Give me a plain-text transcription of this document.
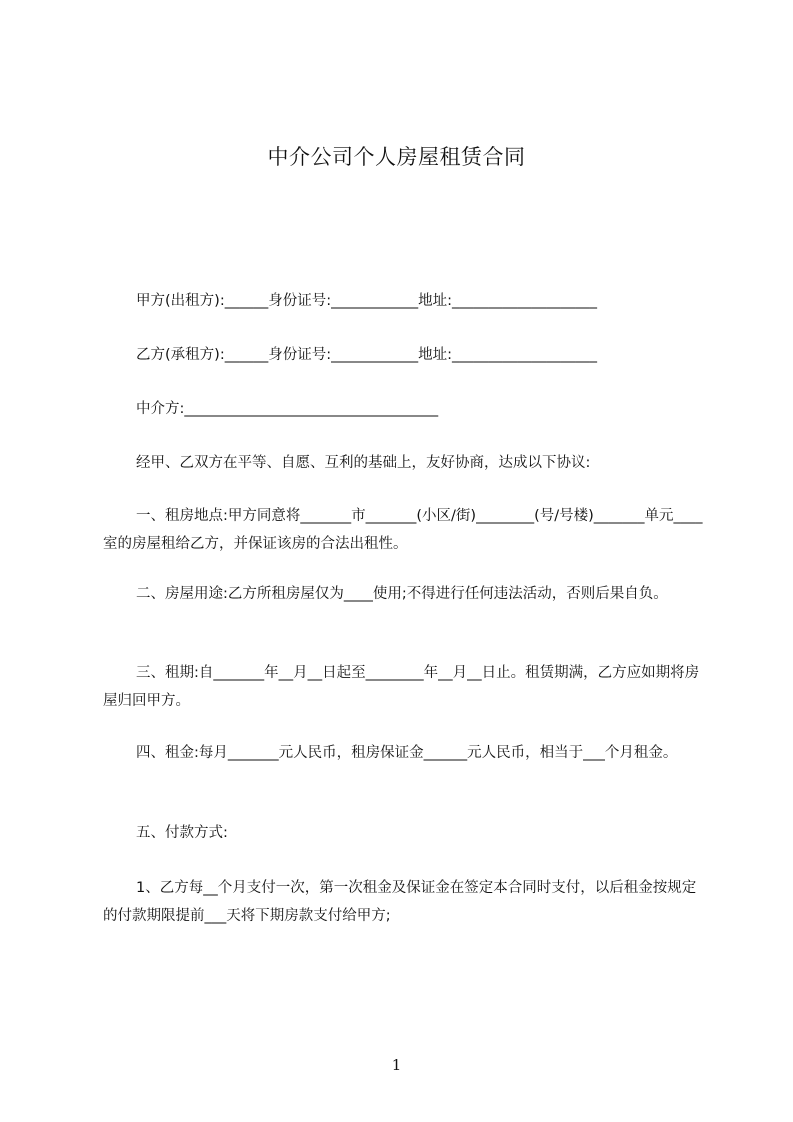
中介公司个人房屋租赁合同

甲方(出租方):______身份证号:____________地址:____________________

乙方(承租方):______身份证号:____________地址:____________________

中介方:___________________________________

经甲、乙双方在平等、自愿、互利的基础上，友好协商，达成以下协议:

一、租房地点:甲方同意将_______市_______(小区/街)________(号/号楼)_______单元____室的房屋租给乙方，并保证该房的合法出租性。

二、房屋用途:乙方所租房屋仅为____使用;不得进行任何违法活动，否则后果自负。

三、租期:自_______年__月__日起至________年__月__日止。租赁期满，乙方应如期将房屋归回甲方。

四、租金:每月_______元人民币，租房保证金______元人民币，相当于___个月租金。

五、付款方式:

1、乙方每__个月支付一次，第一次租金及保证金在签定本合同时支付，以后租金按规定的付款期限提前___天将下期房款支付给甲方;

1
